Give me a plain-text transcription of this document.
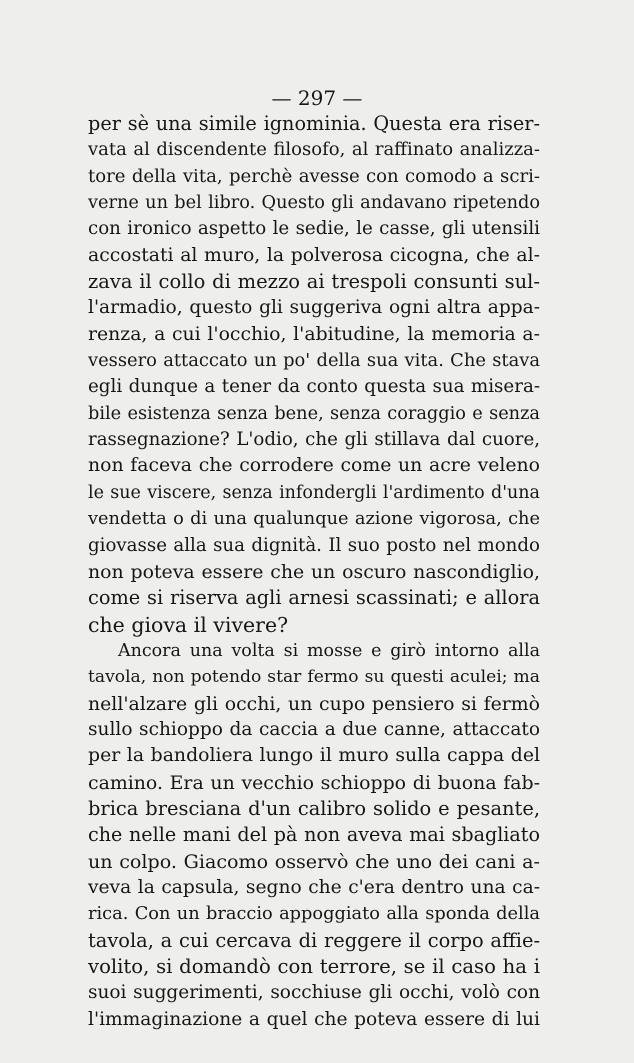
— 297 —
per sè una simile ignominia. Questa era riser-
vata al discendente filosofo, al raffinato analizza-
tore della vita, perchè avesse con comodo a scri-
verne un bel libro. Questo gli andavano ripetendo
con ironico aspetto le sedie, le casse, gli utensili
accostati al muro, la polverosa cicogna, che al-
zava il collo di mezzo ai trespoli consunti sul-
l'armadio, questo gli suggeriva ogni altra appa-
renza, a cui l'occhio, l'abitudine, la memoria a-
vessero attaccato un po' della sua vita. Che stava
egli dunque a tener da conto questa sua misera-
bile esistenza senza bene, senza coraggio e senza
rassegnazione? L'odio, che gli stillava dal cuore,
non faceva che corrodere come un acre veleno
le sue viscere, senza infondergli l'ardimento d'una
vendetta o di una qualunque azione vigorosa, che
giovasse alla sua dignità. Il suo posto nel mondo
non poteva essere che un oscuro nascondiglio,
come si riserva agli arnesi scassinati; e allora
che giova il vivere?
Ancora una volta si mosse e girò intorno alla
tavola, non potendo star fermo su questi aculei; ma
nell'alzare gli occhi, un cupo pensiero si fermò
sullo schioppo da caccia a due canne, attaccato
per la bandoliera lungo il muro sulla cappa del
camino. Era un vecchio schioppo di buona fab-
brica bresciana d'un calibro solido e pesante,
che nelle mani del pà non aveva mai sbagliato
un colpo. Giacomo osservò che uno dei cani a-
veva la capsula, segno che c'era dentro una ca-
rica. Con un braccio appoggiato alla sponda della
tavola, a cui cercava di reggere il corpo affie-
volito, si domandò con terrore, se il caso ha i
suoi suggerimenti, socchiuse gli occhi, volò con
l'immaginazione a quel che poteva essere di lui
